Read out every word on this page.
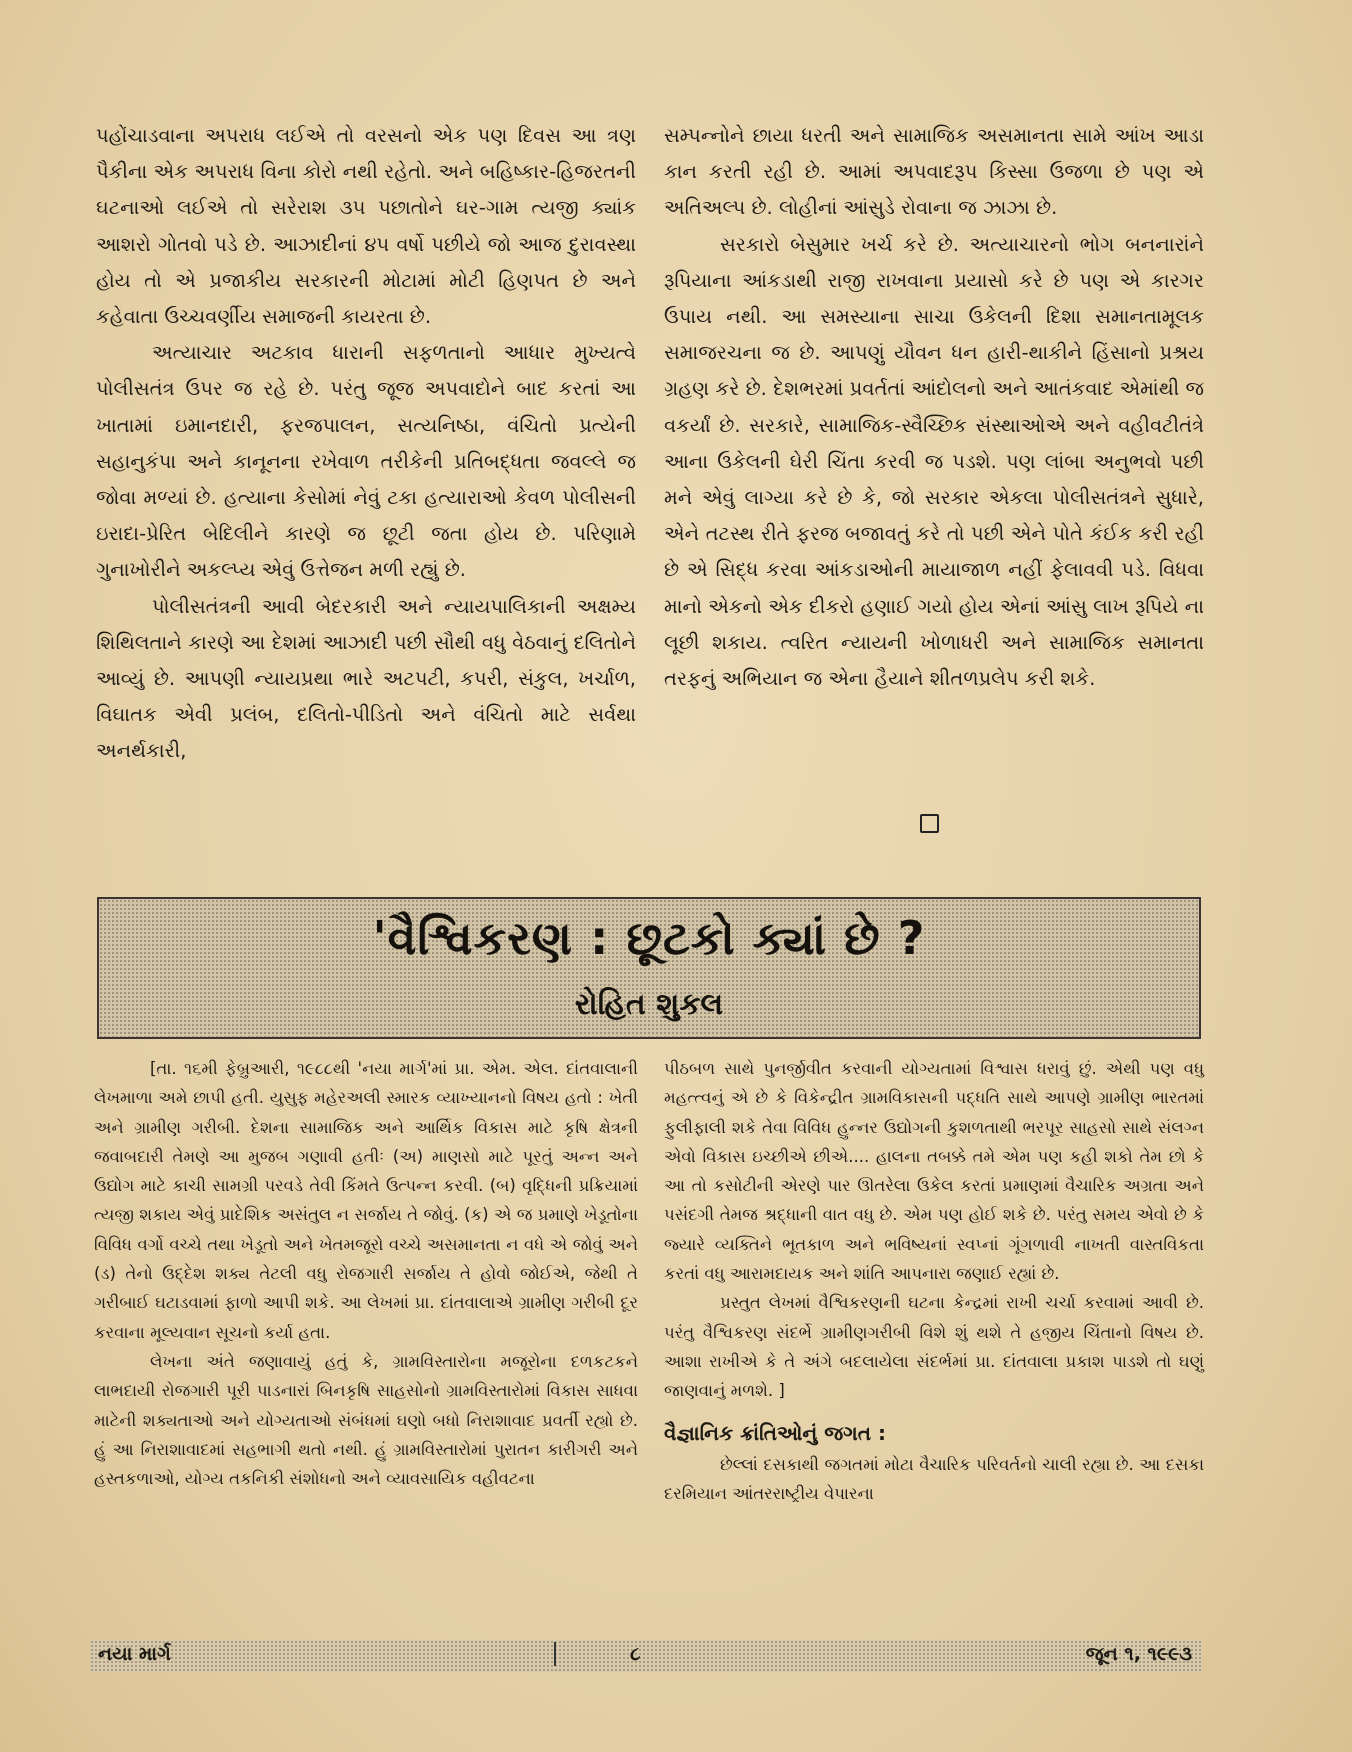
પહોંચાડવાના અપરાધ લઈએ તો વરસનો એક પણ દિવસ આ ત્રણ પૈકીના એક અપરાધ વિના કોરો નથી રહેતો. અને બહિષ્કાર-હિજરતની ઘટનાઓ લઈએ તો સરેરાશ ૩૫ પછાતોને ઘર-ગામ ત્યજી ક્યાંક આશરો ગોતવો પડે છે. આઝાદીનાં ૪૫ વર્ષો પછીયે જો આજ દુરાવસ્થા હોય તો એ પ્રજાકીય સરકારની મોટામાં મોટી હિણપત છે અને કહેવાતા ઉચ્ચવર્ણીય સમાજની કાયરતા છે.

અત્યાચાર અટકાવ ધારાની સફળતાનો આધાર મુખ્યત્વે પોલીસતંત્ર ઉપર જ રહે છે. પરંતુ જૂજ અપવાદોને બાદ કરતાં આ ખાતામાં ઇમાનદારી, ફરજપાલન, સત્યનિષ્ઠા, વંચિતો પ્રત્યેની સહાનુકંપા અને કાનૂનના રખેવાળ તરીકેની પ્રતિબદ્ધતા જવલ્લે જ જોવા મળ્યાં છે. હત્યાના કેસોમાં નેવું ટકા હત્યારાઓ કેવળ પોલીસની ઇરાદા-પ્રેરિત બેદિલીને કારણે જ છૂટી જતા હોય છે. પરિણામે ગુનાખોરીને અકલ્પ્ય એવું ઉત્તેજન મળી રહ્યું છે.

પોલીસતંત્રની આવી બેદરકારી અને ન્યાયપાલિકાની અક્ષમ્ય શિથિલતાને કારણે આ દેશમાં આઝાદી પછી સૌથી વધુ વેઠવાનું દલિતોને આવ્યું છે. આપણી ન્યાયપ્રથા ભારે અટપટી, કપરી, સંકુલ, ખર્ચાળ, વિઘાતક એવી પ્રલંબ, દલિતો-પીડિતો અને વંચિતો માટે સર્વથા અનર્થકારી,

સમ્પન્નોને છાયા ધરતી અને સામાજિક અસમાનતા સામે આંખ આડા કાન કરતી રહી છે. આમાં અપવાદરૂપ કિસ્સા ઉજળા છે પણ એ અતિઅલ્પ છે. લોહીનાં આંસુડે રોવાના જ ઝાઝા છે.

સરકારો બેસુમાર ખર્ચ કરે છે. અત્યાચારનો ભોગ બનનારાંને રૂપિયાના આંકડાથી રાજી રાખવાના પ્રયાસો કરે છે પણ એ કારગર ઉપાય નથી. આ સમસ્યાના સાચા ઉકેલની દિશા સમાનતામૂલક સમાજરચના જ છે. આપણું યૌવન ધન હારી-થાકીને હિંસાનો પ્રશ્રય ગ્રહણ કરે છે. દેશભરમાં પ્રવર્તતાં આંદોલનો અને આતંકવાદ એમાંથી જ વકર્યાં છે. સરકારે, સામાજિક-સ્વૈચ્છિક સંસ્થાઓએ અને વહીવટીતંત્રે આના ઉકેલની ઘેરી ચિંતા કરવી જ પડશે. પણ લાંબા અનુભવો પછી મને એવું લાગ્યા કરે છે કે, જો સરકાર એકલા પોલીસતંત્રને સુધારે, એને તટસ્થ રીતે ફરજ બજાવતું કરે તો પછી એને પોતે કંઈક કરી રહી છે એ સિદ્ધ કરવા આંકડાઓની માયાજાળ નહીં ફેલાવવી પડે. વિધવા માનો એકનો એક દીકરો હણાઈ ગયો હોય એનાં આંસુ લાખ રૂપિયે ના લૂછી શકાય. ત્વરિત ન્યાયની ખોળાધરી અને સામાજિક સમાનતા તરફનું અભિયાન જ એના હૈયાને શીતળપ્રલેપ કરી શકે.

'વૈશ્વિકરણ : છૂટકો ક્યાં છે ?
રોહિત શુકલ

[તા. ૧૬મી ફેબ્રુઆરી, ૧૯૮૮થી 'નયા માર્ગ'માં પ્રા. એમ. એલ. દાંતવાલાની લેખમાળા અમે છાપી હતી. યુસુફ મહેરઅલી સ્મારક વ્યાખ્યાનનો વિષય હતો : ખેતી અને ગ્રામીણ ગરીબી. દેશના સામાજિક અને આર્થિક વિકાસ માટે કૃષિ ક્ષેત્રની જવાબદારી તેમણે આ મુજબ ગણાવી હતીઃ (અ) માણસો માટે પૂરતું અન્ન અને ઉદ્યોગ માટે કાચી સામગ્રી પરવડે તેવી કિંમતે ઉત્પન્ન કરવી. (બ) વૃદ્ધિની પ્રક્રિયામાં ત્યજી શકાય એવું પ્રાદેશિક અસંતુલ ન સર્જાય તે જોવું. (ક) એ જ પ્રમાણે ખેડૂતોના વિવિધ વર્ગો વચ્ચે તથા ખેડૂતો અને ખેતમજૂરો વચ્ચે અસમાનતા ન વધે એ જોવું અને (ડ) તેનો ઉદ્દેશ શક્ય તેટલી વધુ રોજગારી સર્જાય તે હોવો જોઈએ, જેથી તે ગરીબાઈ ઘટાડવામાં ફાળો આપી શકે. આ લેખમાં પ્રા. દાંતવાલાએ ગ્રામીણ ગરીબી દૂર કરવાના મૂલ્યવાન સૂચનો કર્યા હતા.

લેખના અંતે જણાવાયું હતું કે, ગ્રામવિસ્તારોના મજૂરોના દળકટકને લાભદાયી રોજગારી પૂરી પાડનારાં બિનકૃષિ સાહસોનો ગ્રામવિસ્તારોમાં વિકાસ સાધવા માટેની શક્યતાઓ અને યોગ્યતાઓ સંબંધમાં ઘણો બધો નિરાશાવાદ પ્રવર્તી રહ્યો છે. હું આ નિરાશાવાદમાં સહભાગી થતો નથી. હું ગ્રામવિસ્તારોમાં પુરાતન કારીગરી અને હસ્તકળાઓ, યોગ્ય તકનિકી સંશોધનો અને વ્યાવસાયિક વહીવટના

પીઠબળ સાથે પુનર્જીવીત કરવાની યોગ્યતામાં વિશ્વાસ ધરાવું છું. એથી પણ વધુ મહત્ત્વનું એ છે કે વિકેન્દ્રીત ગ્રામવિકાસની પદ્ધતિ સાથે આપણે ગ્રામીણ ભારતમાં ફુલીફાલી શકે તેવા વિવિધ હુન્નર ઉદ્યોગની કુશળતાથી ભરપૂર સાહસો સાથે સંલગ્ન એવો વિકાસ ઇચ્છીએ છીએ.... હાલના તબક્કે તમે એમ પણ કહી શકો તેમ છો કે આ તો કસોટીની એરણે પાર ઊતરેલા ઉકેલ કરતાં પ્રમાણમાં વૈચારિક અગ્રતા અને પસંદગી તેમજ શ્રદ્ધાની વાત વધુ છે. એમ પણ હોઈ શકે છે. પરંતુ સમય એવો છે કે જ્યારે વ્યક્તિને ભૂતકાળ અને ભવિષ્યનાં સ્વપ્નાં ગૂંગળાવી નાખતી વાસ્તવિકતા કરતાં વધુ આરામદાયક અને શાંતિ આપનારા જણાઈ રહ્યાં છે.

પ્રસ્તુત લેખમાં વૈશ્વિકરણની ઘટના કેન્દ્રમાં રાખી ચર્ચા કરવામાં આવી છે. પરંતુ વૈશ્વિકરણ સંદર્ભે ગ્રામીણગરીબી વિશે શું થશે તે હજીય ચિંતાનો વિષય છે. આશા રાખીએ કે તે અંગે બદલાયેલા સંદર્ભમાં પ્રા. દાંતવાલા પ્રકાશ પાડશે તો ઘણું જાણવાનું મળશે. ]

વૈજ્ઞાનિક ક્રાંતિઓનું જગત :

છેલ્લાં દસકાથી જગતમાં મોટા વૈચારિક પરિવર્તનો ચાલી રહ્યા છે. આ દસકા દરમિયાન આંતરરાષ્ટ્રીય વેપારના

નયા માર્ગ	૮	જૂન ૧, ૧૯૯૩
